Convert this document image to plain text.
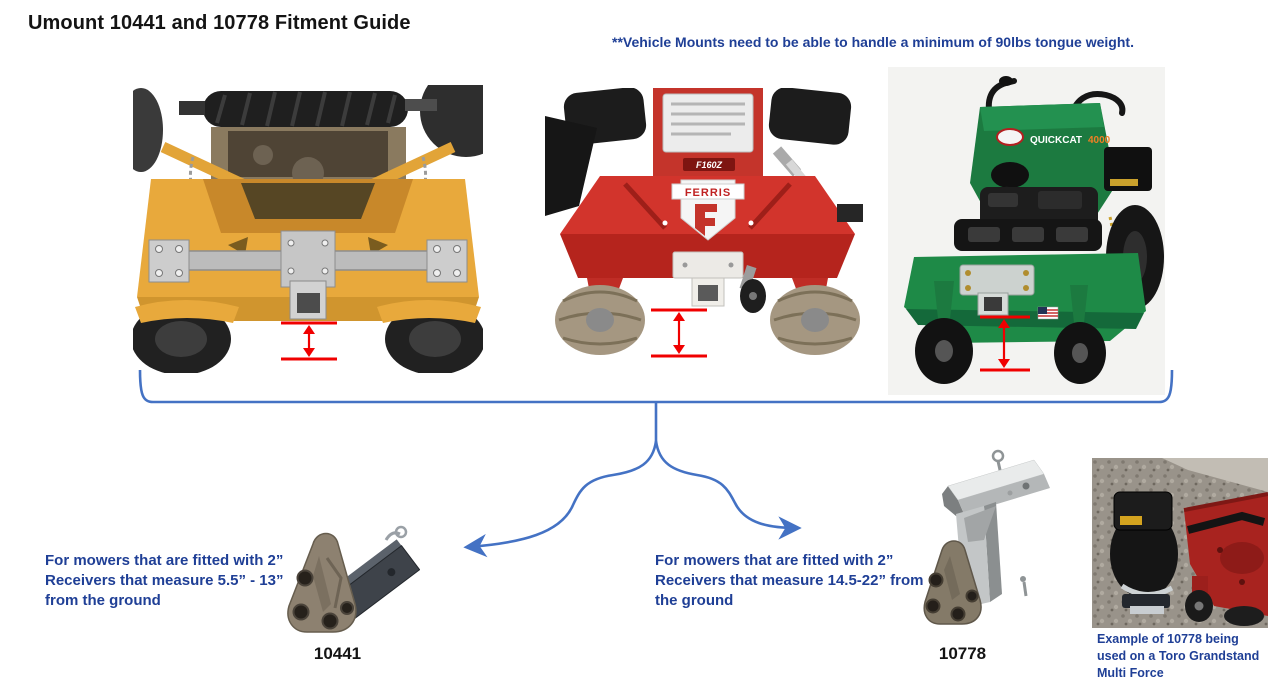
Umount 10441 and 10778 Fitment Guide
**Vehicle Mounts need to be able to handle a minimum of 90lbs tongue weight.
F160Z
FERRIS
QUICKCAT 4000
For mowers that are fitted with 2” Receivers that measure 5.5” - 13” from the ground
10441
For mowers that are fitted with 2” Receivers that measure 14.5-22” from the ground
10778
Example of 10778 being used on a Toro Grandstand Multi Force
